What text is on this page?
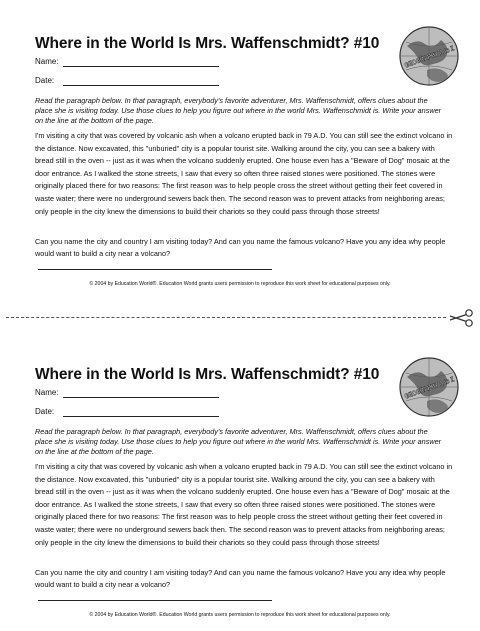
Where in the World Is Mrs. Waffenschmidt? #10
Name:
Date:
GEOGRAPHY A to Z

Read the paragraph below. In that paragraph, everybody's favorite adventurer, Mrs. Waffenschmidt, offers clues about the place she is visiting today. Use those clues to help you figure out where in the world Mrs. Waffenschmidt is. Write your answer on the line at the bottom of the page.

I'm visiting a city that was covered by volcanic ash when a volcano erupted back in 79 A.D. You can still see the extinct volcano in the distance. Now excavated, this "unburied" city is a popular tourist site. Walking around the city, you can see a bakery with bread still in the oven -- just as it was when the volcano suddenly erupted. One house even has a "Beware of Dog" mosaic at the door entrance. As I walked the stone streets, I saw that every so often three raised stones were positioned. The stones were originally placed there for two reasons: The first reason was to help people cross the street without getting their feet covered in waste water; there were no underground sewers back then. The second reason was to prevent attacks from neighboring areas; only people in the city knew the dimensions to build their chariots so they could pass through those streets!

Can you name the city and country I am visiting today? And can you name the famous volcano? Have you any idea why people would want to build a city near a volcano?

© 2004 by Education World®. Education World grants users permission to reproduce this work sheet for educational purposes only.
Where in the World Is Mrs. Waffenschmidt? #10
Name:
Date:
GEOGRAPHY A to Z

Read the paragraph below. In that paragraph, everybody's favorite adventurer, Mrs. Waffenschmidt, offers clues about the place she is visiting today. Use those clues to help you figure out where in the world Mrs. Waffenschmidt is. Write your answer on the line at the bottom of the page.

I'm visiting a city that was covered by volcanic ash when a volcano erupted back in 79 A.D. You can still see the extinct volcano in the distance. Now excavated, this "unburied" city is a popular tourist site. Walking around the city, you can see a bakery with bread still in the oven -- just as it was when the volcano suddenly erupted. One house even has a "Beware of Dog" mosaic at the door entrance. As I walked the stone streets, I saw that every so often three raised stones were positioned. The stones were originally placed there for two reasons: The first reason was to help people cross the street without getting their feet covered in waste water; there were no underground sewers back then. The second reason was to prevent attacks from neighboring areas; only people in the city knew the dimensions to build their chariots so they could pass through those streets!

Can you name the city and country I am visiting today? And can you name the famous volcano? Have you any idea why people would want to build a city near a volcano?

© 2004 by Education World®. Education World grants users permission to reproduce this work sheet for educational purposes only.
